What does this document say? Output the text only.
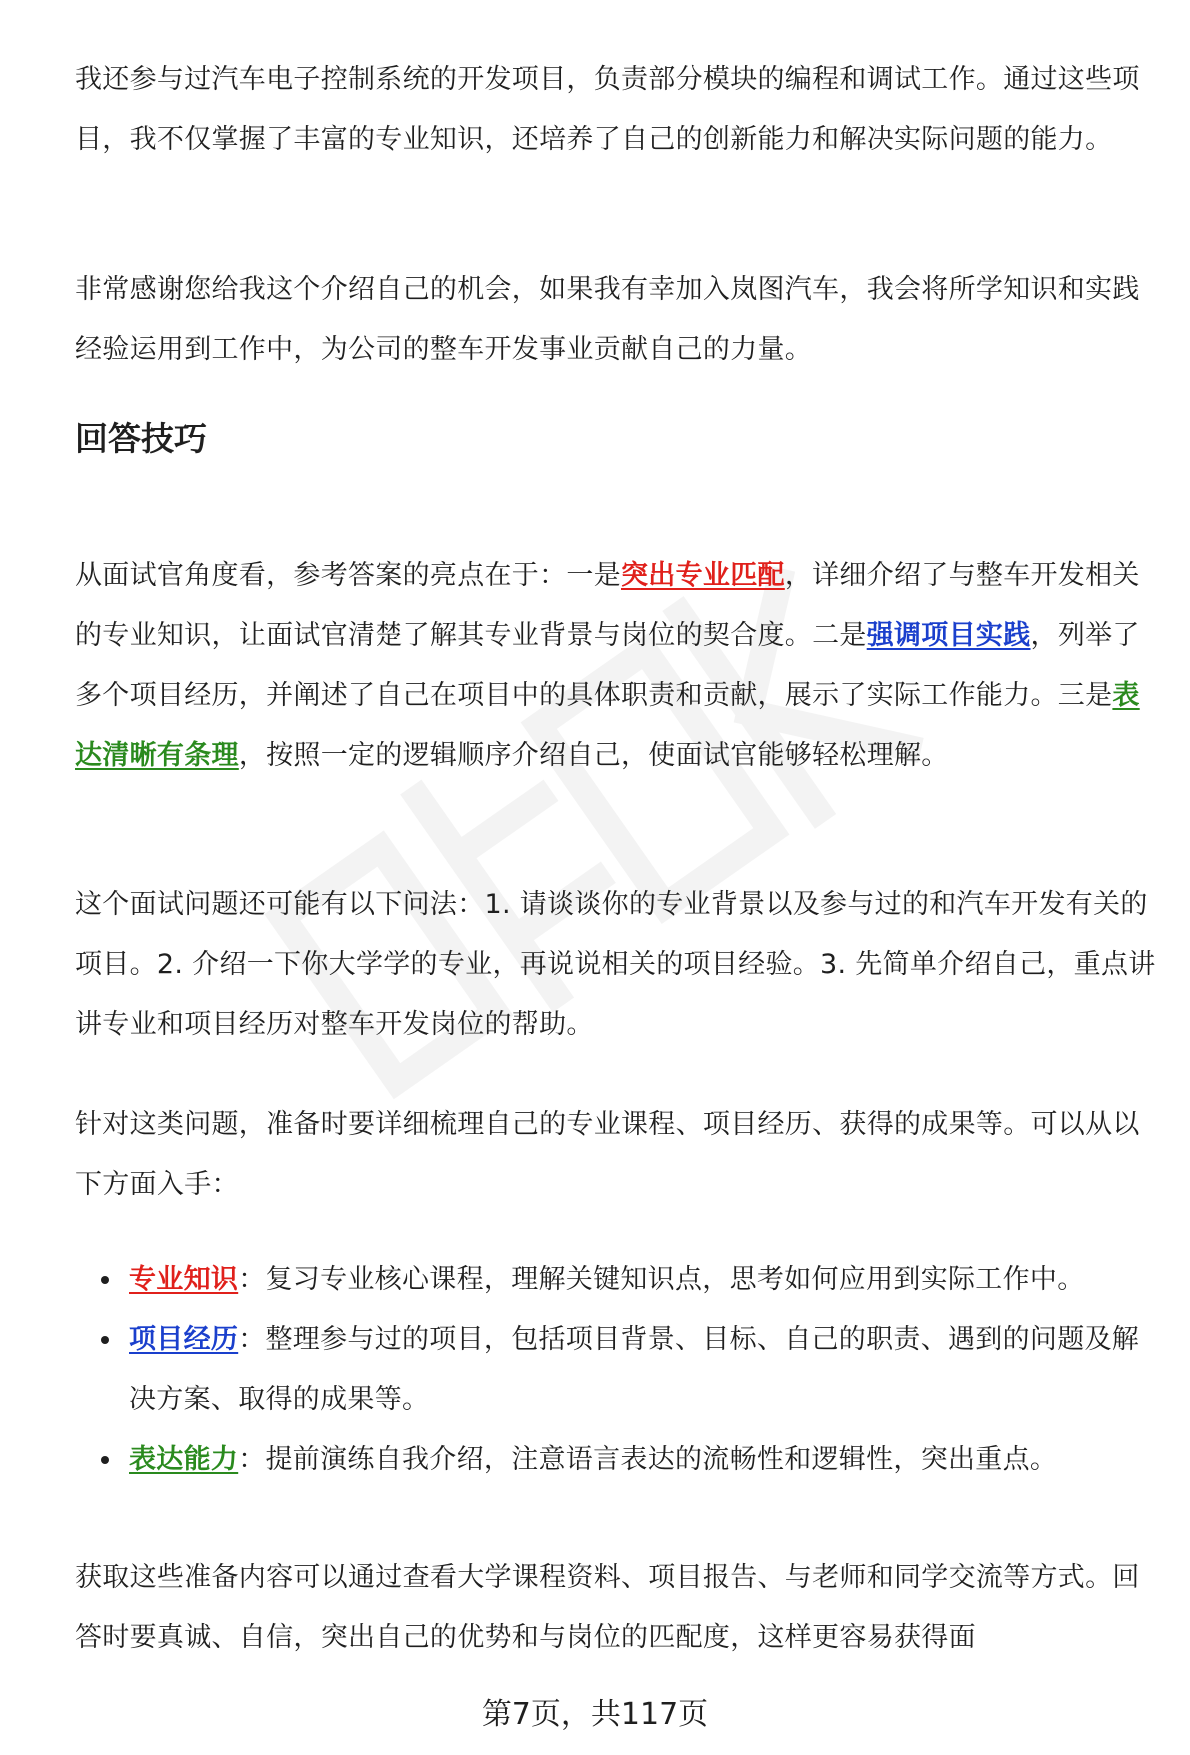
我还参与过汽车电子控制系统的开发项目，负责部分模块的编程和调试工作。通过这些项目，我不仅掌握了丰富的专业知识，还培养了自己的创新能力和解决实际问题的能力。

非常感谢您给我这个介绍自己的机会，如果我有幸加入岚图汽车，我会将所学知识和实践经验运用到工作中，为公司的整车开发事业贡献自己的力量。

回答技巧

从面试官角度看，参考答案的亮点在于：一是突出专业匹配，详细介绍了与整车开发相关的专业知识，让面试官清楚了解其专业背景与岗位的契合度。二是强调项目实践，列举了多个项目经历，并阐述了自己在项目中的具体职责和贡献，展示了实际工作能力。三是表达清晰有条理，按照一定的逻辑顺序介绍自己，使面试官能够轻松理解。

这个面试问题还可能有以下问法：1. 请谈谈你的专业背景以及参与过的和汽车开发有关的项目。2. 介绍一下你大学学的专业，再说说相关的项目经验。3. 先简单介绍自己，重点讲讲专业和项目经历对整车开发岗位的帮助。

针对这类问题，准备时要详细梳理自己的专业课程、项目经历、获得的成果等。可以从以下方面入手：

专业知识：复习专业核心课程，理解关键知识点，思考如何应用到实际工作中。
项目经历：整理参与过的项目，包括项目背景、目标、自己的职责、遇到的问题及解决方案、取得的成果等。
表达能力：提前演练自我介绍，注意语言表达的流畅性和逻辑性，突出重点。

获取这些准备内容可以通过查看大学课程资料、项目报告、与老师和同学交流等方式。回答时要真诚、自信，突出自己的优势和与岗位的匹配度，这样更容易获得面

第7页，共117页
